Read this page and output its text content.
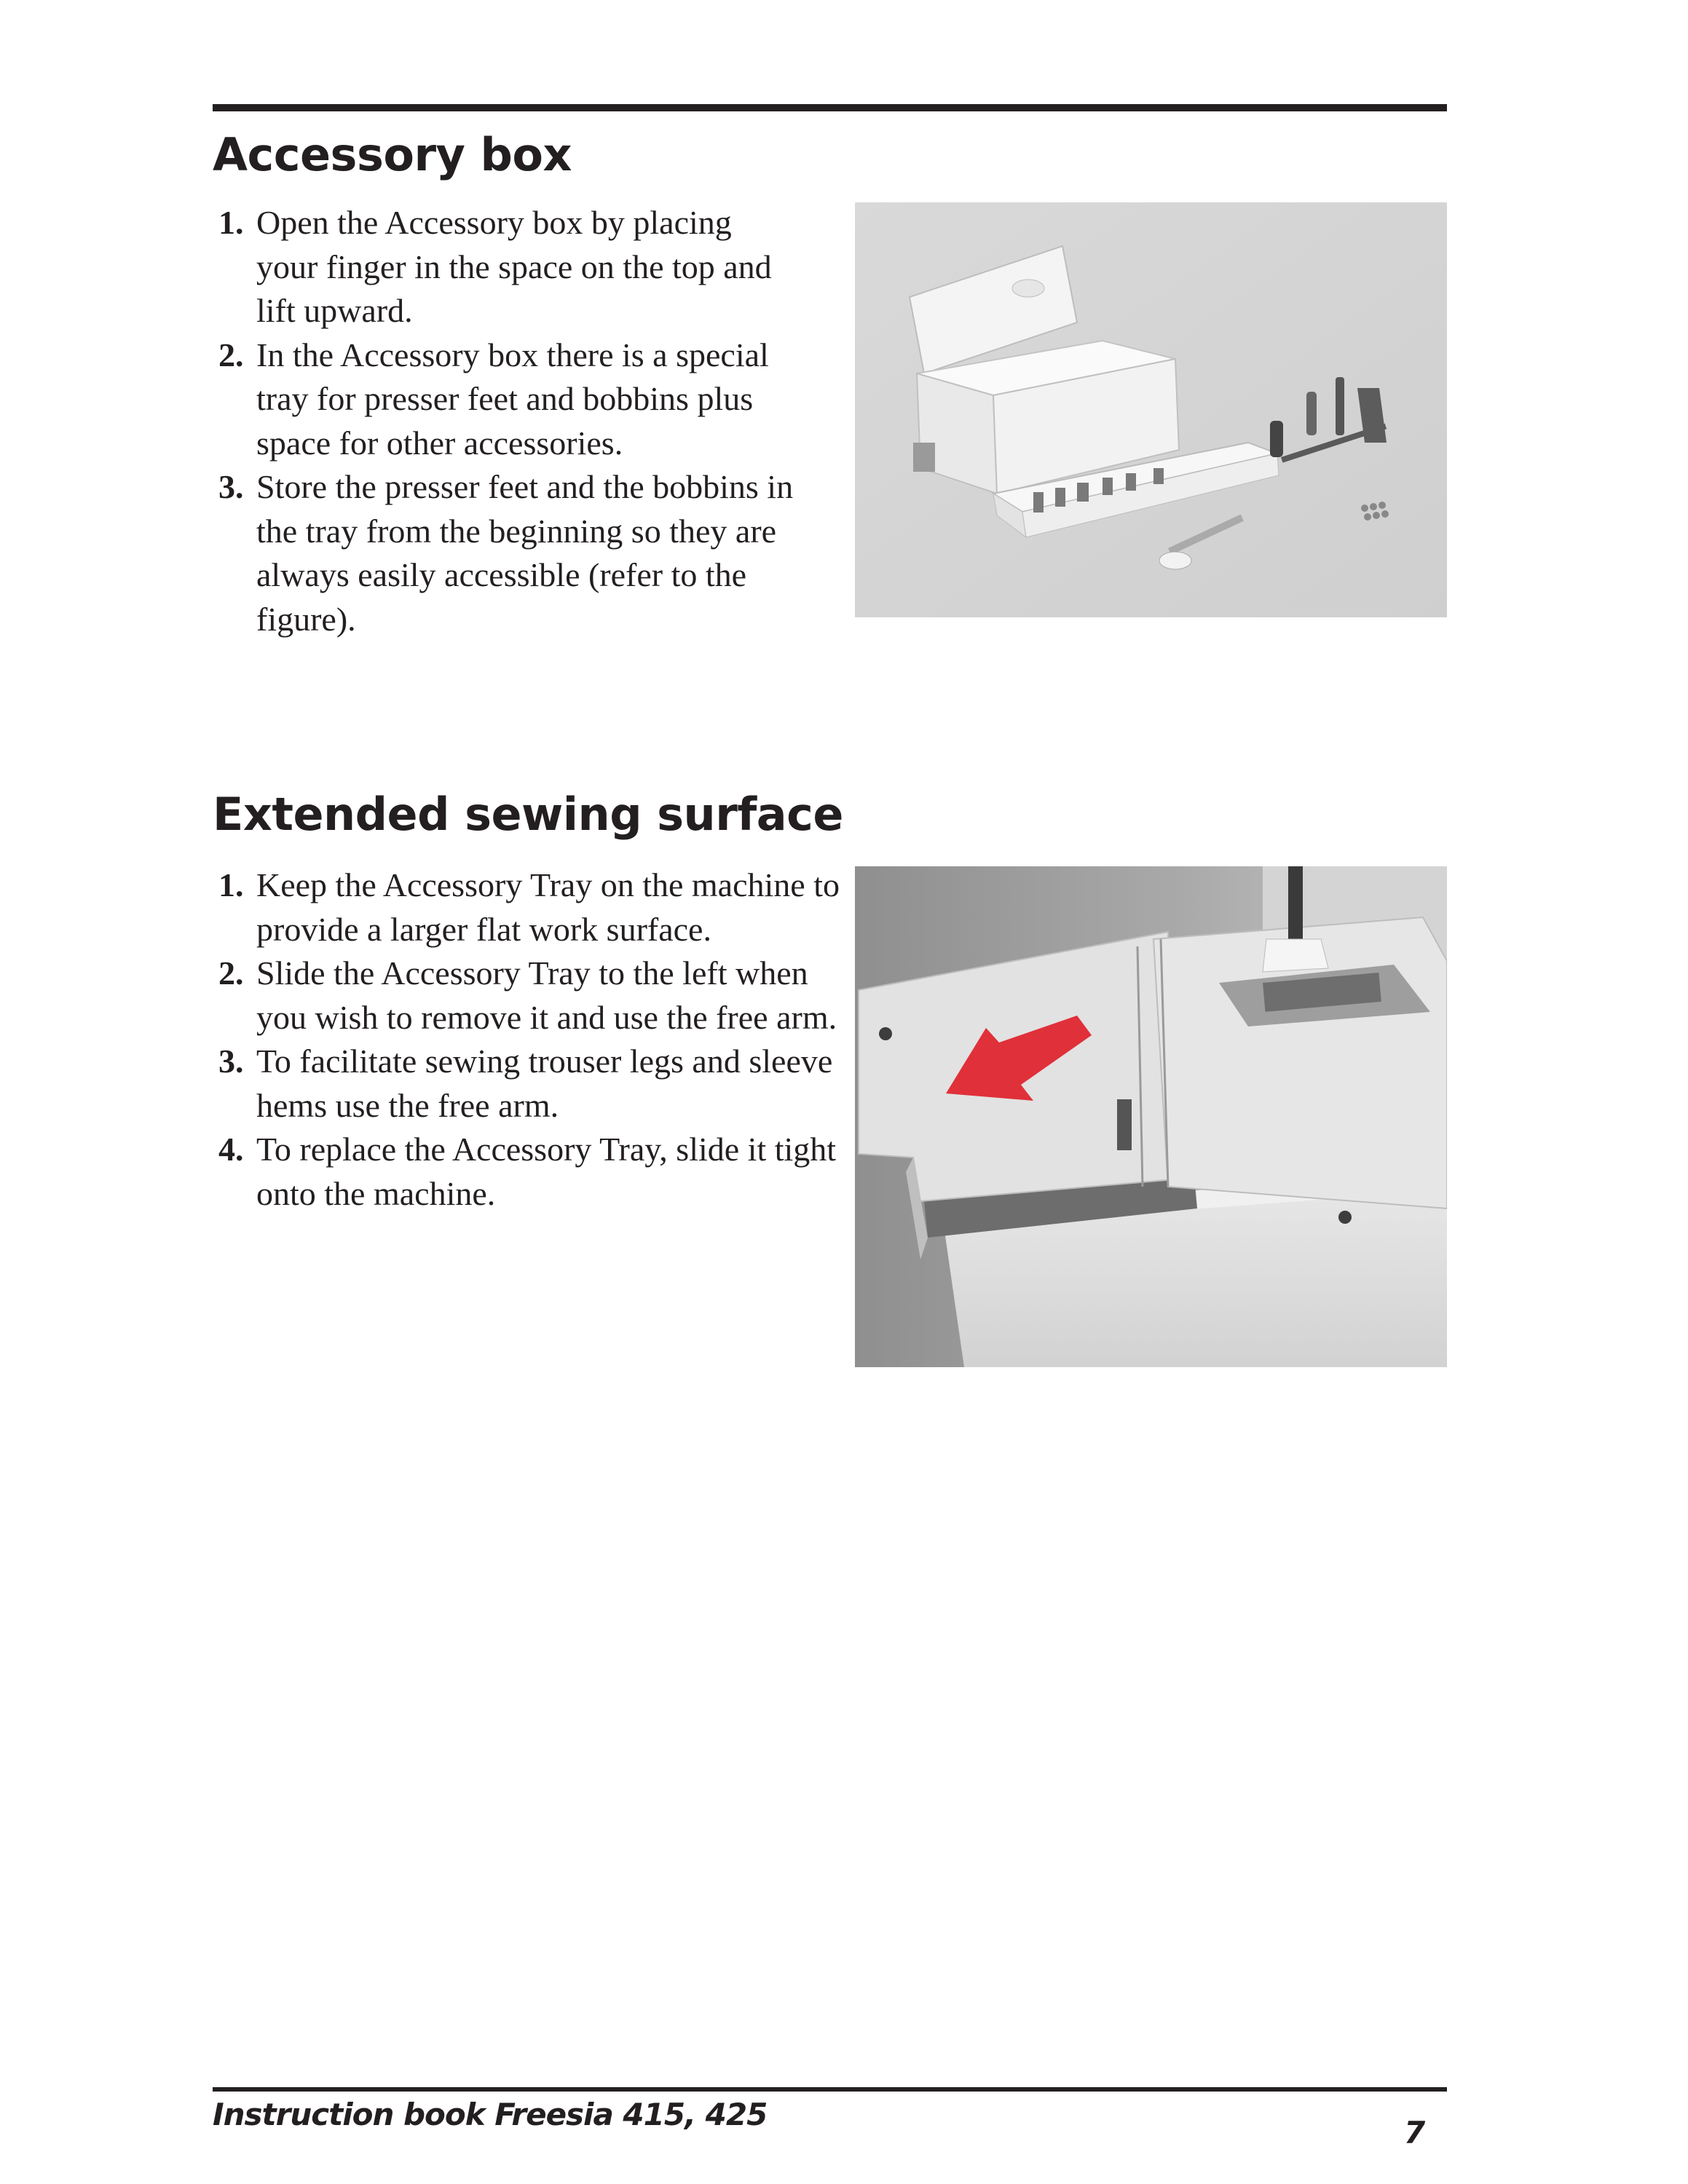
Accessory box
1. Open the Accessory box by placing your finger in the space on the top and lift upward.
2. In the Accessory box there is a special tray for presser feet and bobbins plus space for other accessories.
3. Store the presser feet and the bobbins in the tray from the beginning so they are always easily accessible (refer to the figure).
Extended sewing surface
1. Keep the Accessory Tray on the machine to provide a larger flat work surface.
2. Slide the Accessory Tray to the left when you wish to remove it and use the free arm.
3. To facilitate sewing trouser legs and sleeve hems use the free arm.
4. To replace the Accessory Tray, slide it tight onto the machine.
Instruction book Freesia 415, 425
7
